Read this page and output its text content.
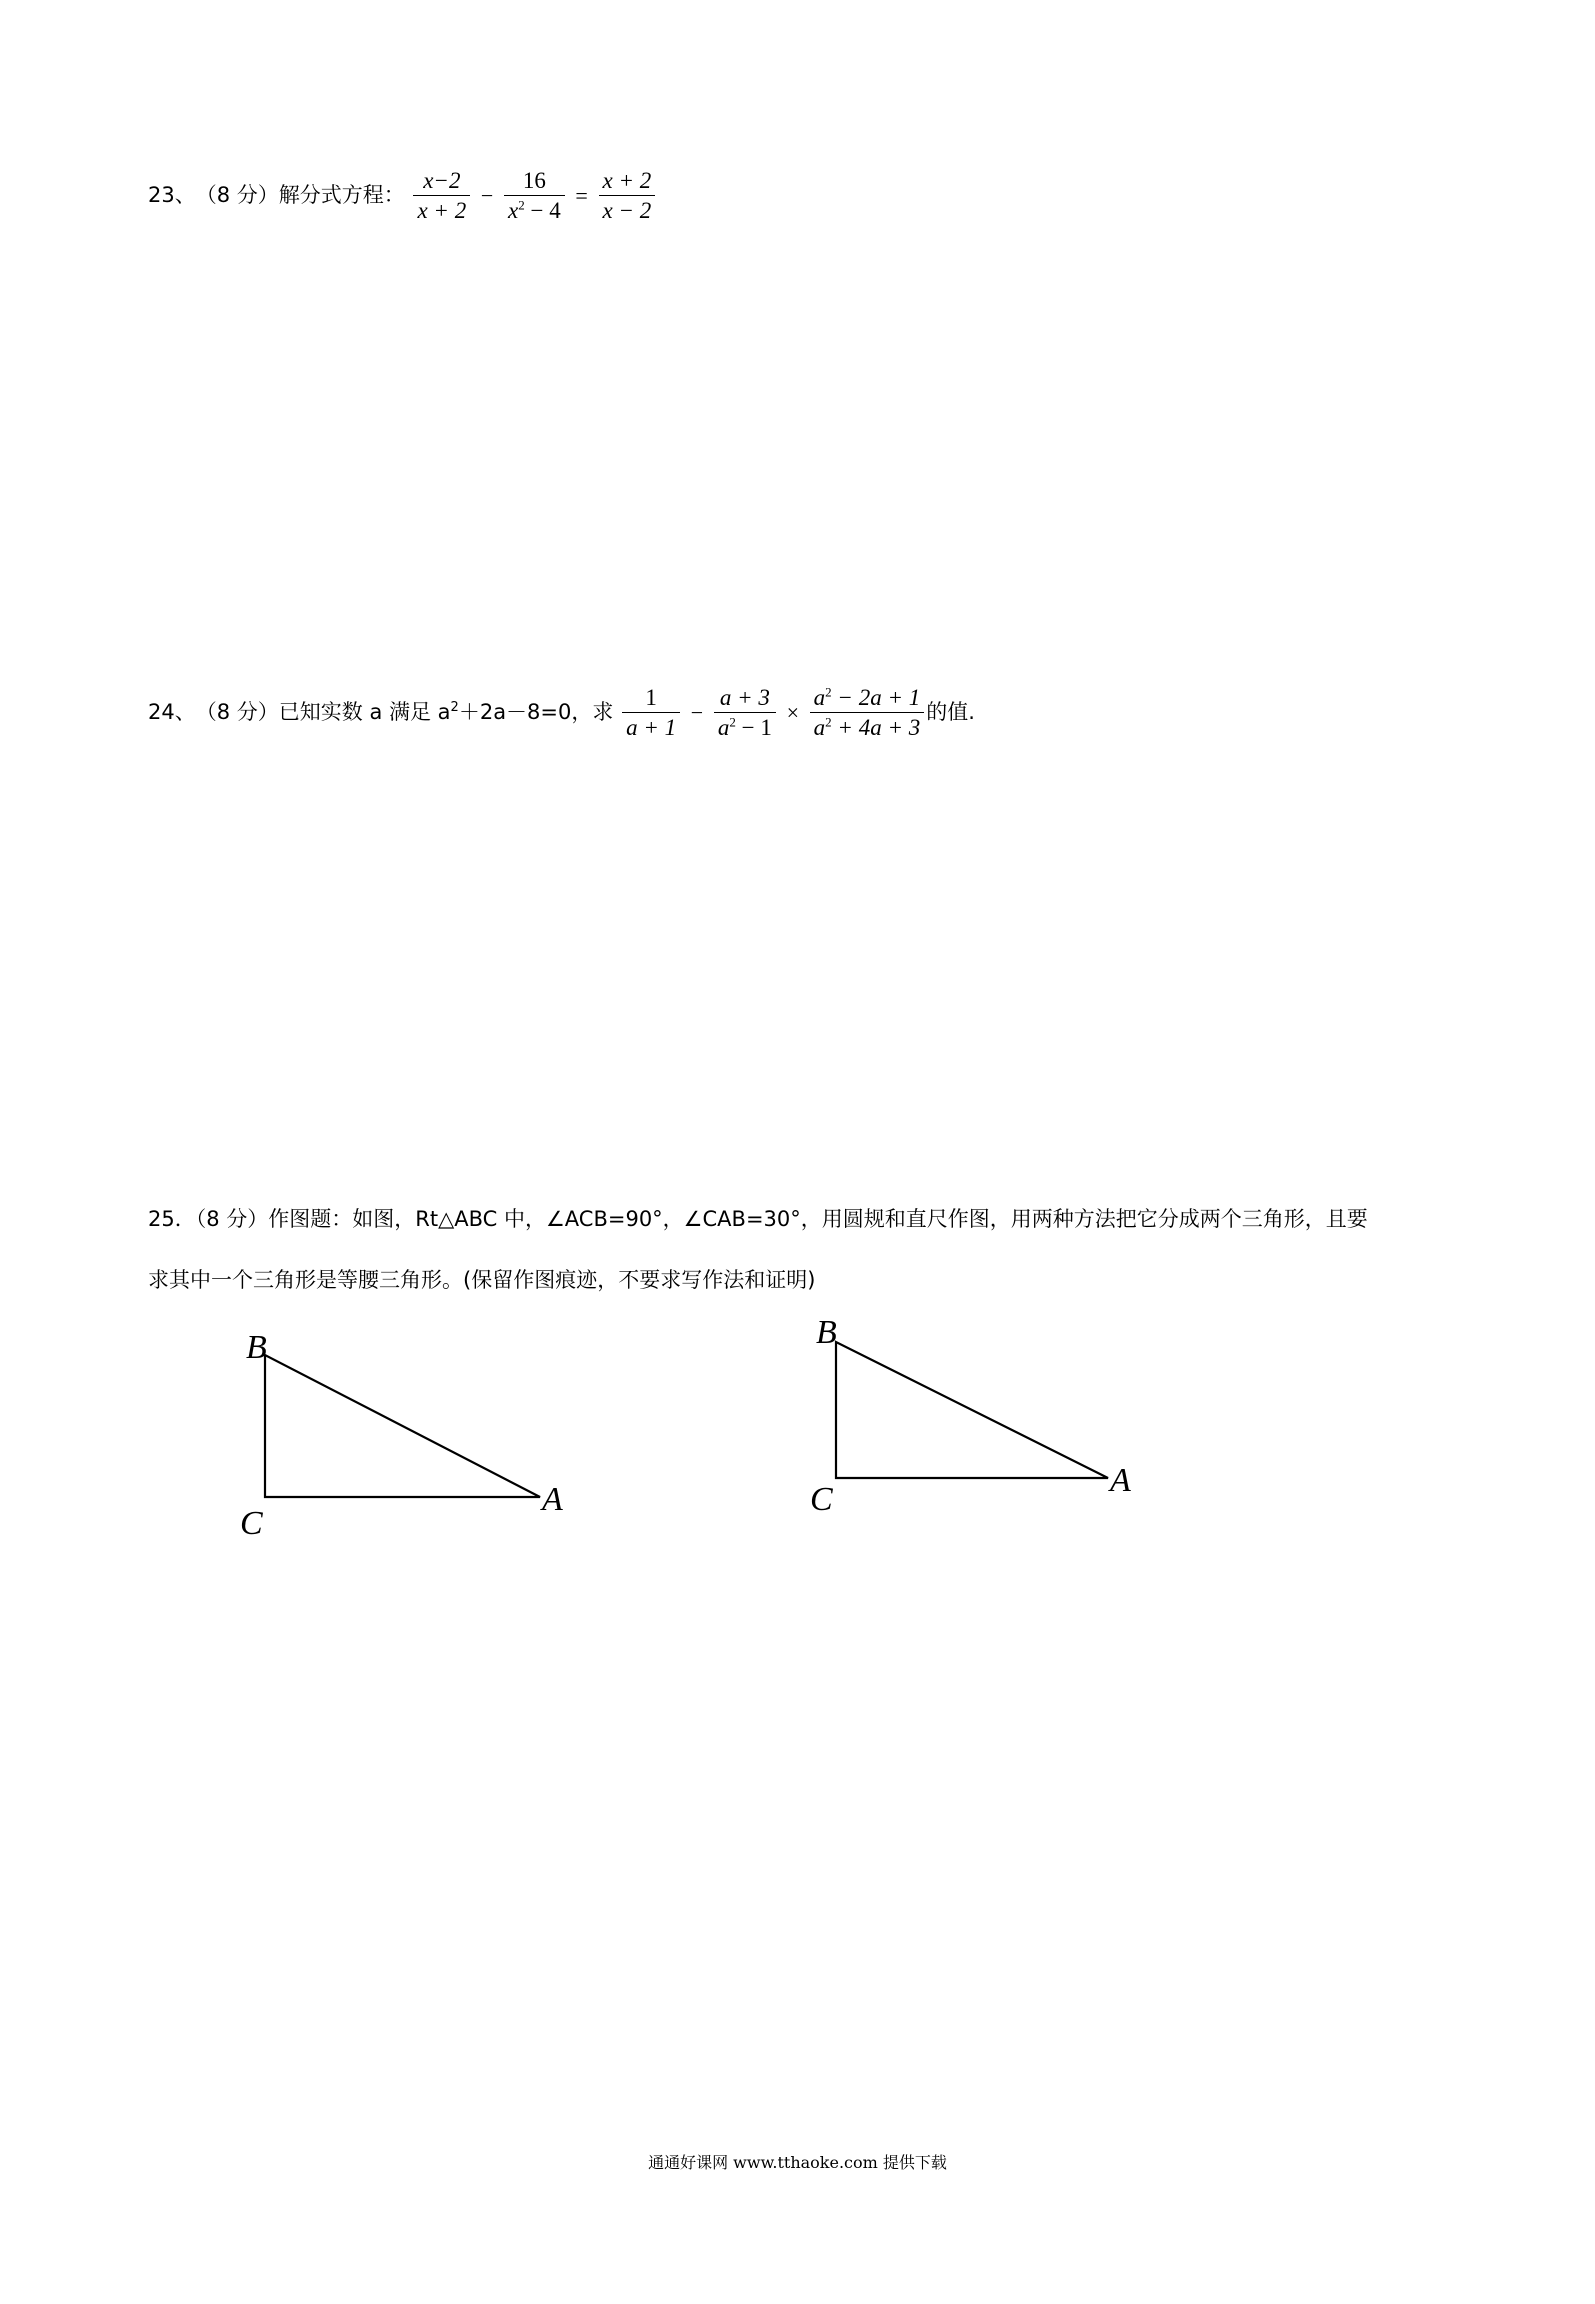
23、（8 分）解分式方程： $\frac{x-2}{x + 2} - \frac{16}{x^2 - 4} = \frac{x + 2}{x - 2}$
24、（8 分）已知实数 a 满足 $a^2+2a-8=0$，求 $\frac{1}{a + 1} - \frac{a + 3}{a^2 - 1} \times \frac{a^2 - 2a + 1}{a^2 + 4a + 3}$ 的值.
25．（8 分）作图题：如图，Rt△ABC 中，∠ACB=90°，∠CAB=30°，用圆规和直尺作图，用两种方法把它分成两个三角形，且要
求其中一个三角形是等腰三角形。(保留作图痕迹，不要求写作法和证明)
B
C
A
B
C
A
通通好课网 www.tthaoke.com 提供下载
